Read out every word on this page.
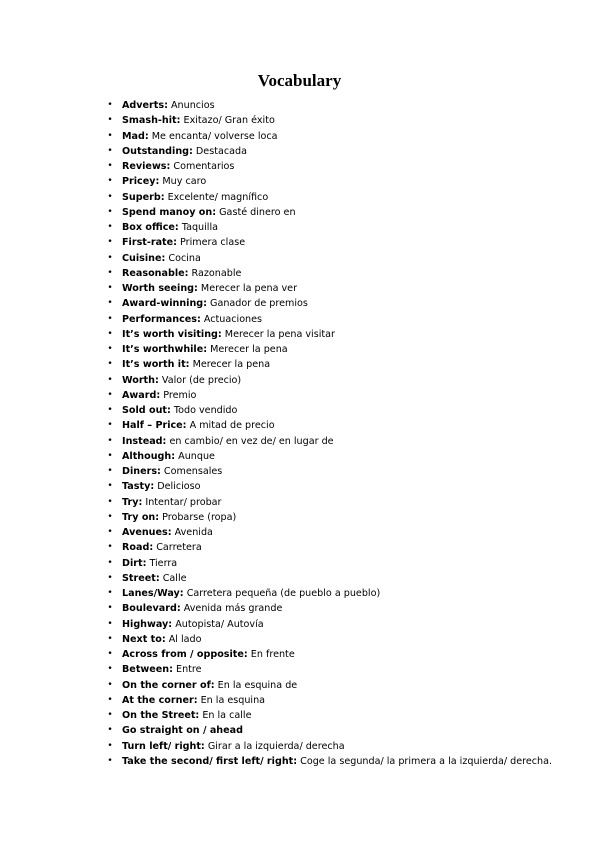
Vocabulary
• Adverts: Anuncios
• Smash-hit: Exitazo/ Gran éxito
• Mad: Me encanta/ volverse loca
• Outstanding: Destacada
• Reviews: Comentarios
• Pricey: Muy caro
• Superb: Excelente/ magnífico
• Spend manoy on: Gasté dinero en
• Box office: Taquilla
• First-rate: Primera clase
• Cuisine: Cocina
• Reasonable: Razonable
• Worth seeing: Merecer la pena ver
• Award-winning: Ganador de premios
• Performances: Actuaciones
• It’s worth visiting: Merecer la pena visitar
• It’s worthwhile: Merecer la pena
• It’s worth it: Merecer la pena
• Worth: Valor (de precio)
• Award: Premio
• Sold out: Todo vendido
• Half – Price: A mitad de precio
• Instead: en cambio/ en vez de/ en lugar de
• Although: Aunque
• Diners: Comensales
• Tasty: Delicioso
• Try: Intentar/ probar
• Try on: Probarse (ropa)
• Avenues: Avenida
• Road: Carretera
• Dirt: Tierra
• Street: Calle
• Lanes/Way: Carretera pequeña (de pueblo a pueblo)
• Boulevard: Avenida más grande
• Highway: Autopista/ Autovía
• Next to: Al lado
• Across from / opposite: En frente
• Between: Entre
• On the corner of: En la esquina de
• At the corner: En la esquina
• On the Street: En la calle
• Go straight on / ahead
• Turn left/ right: Girar a la izquierda/ derecha
• Take the second/ first left/ right: Coge la segunda/ la primera a la izquierda/ derecha.
